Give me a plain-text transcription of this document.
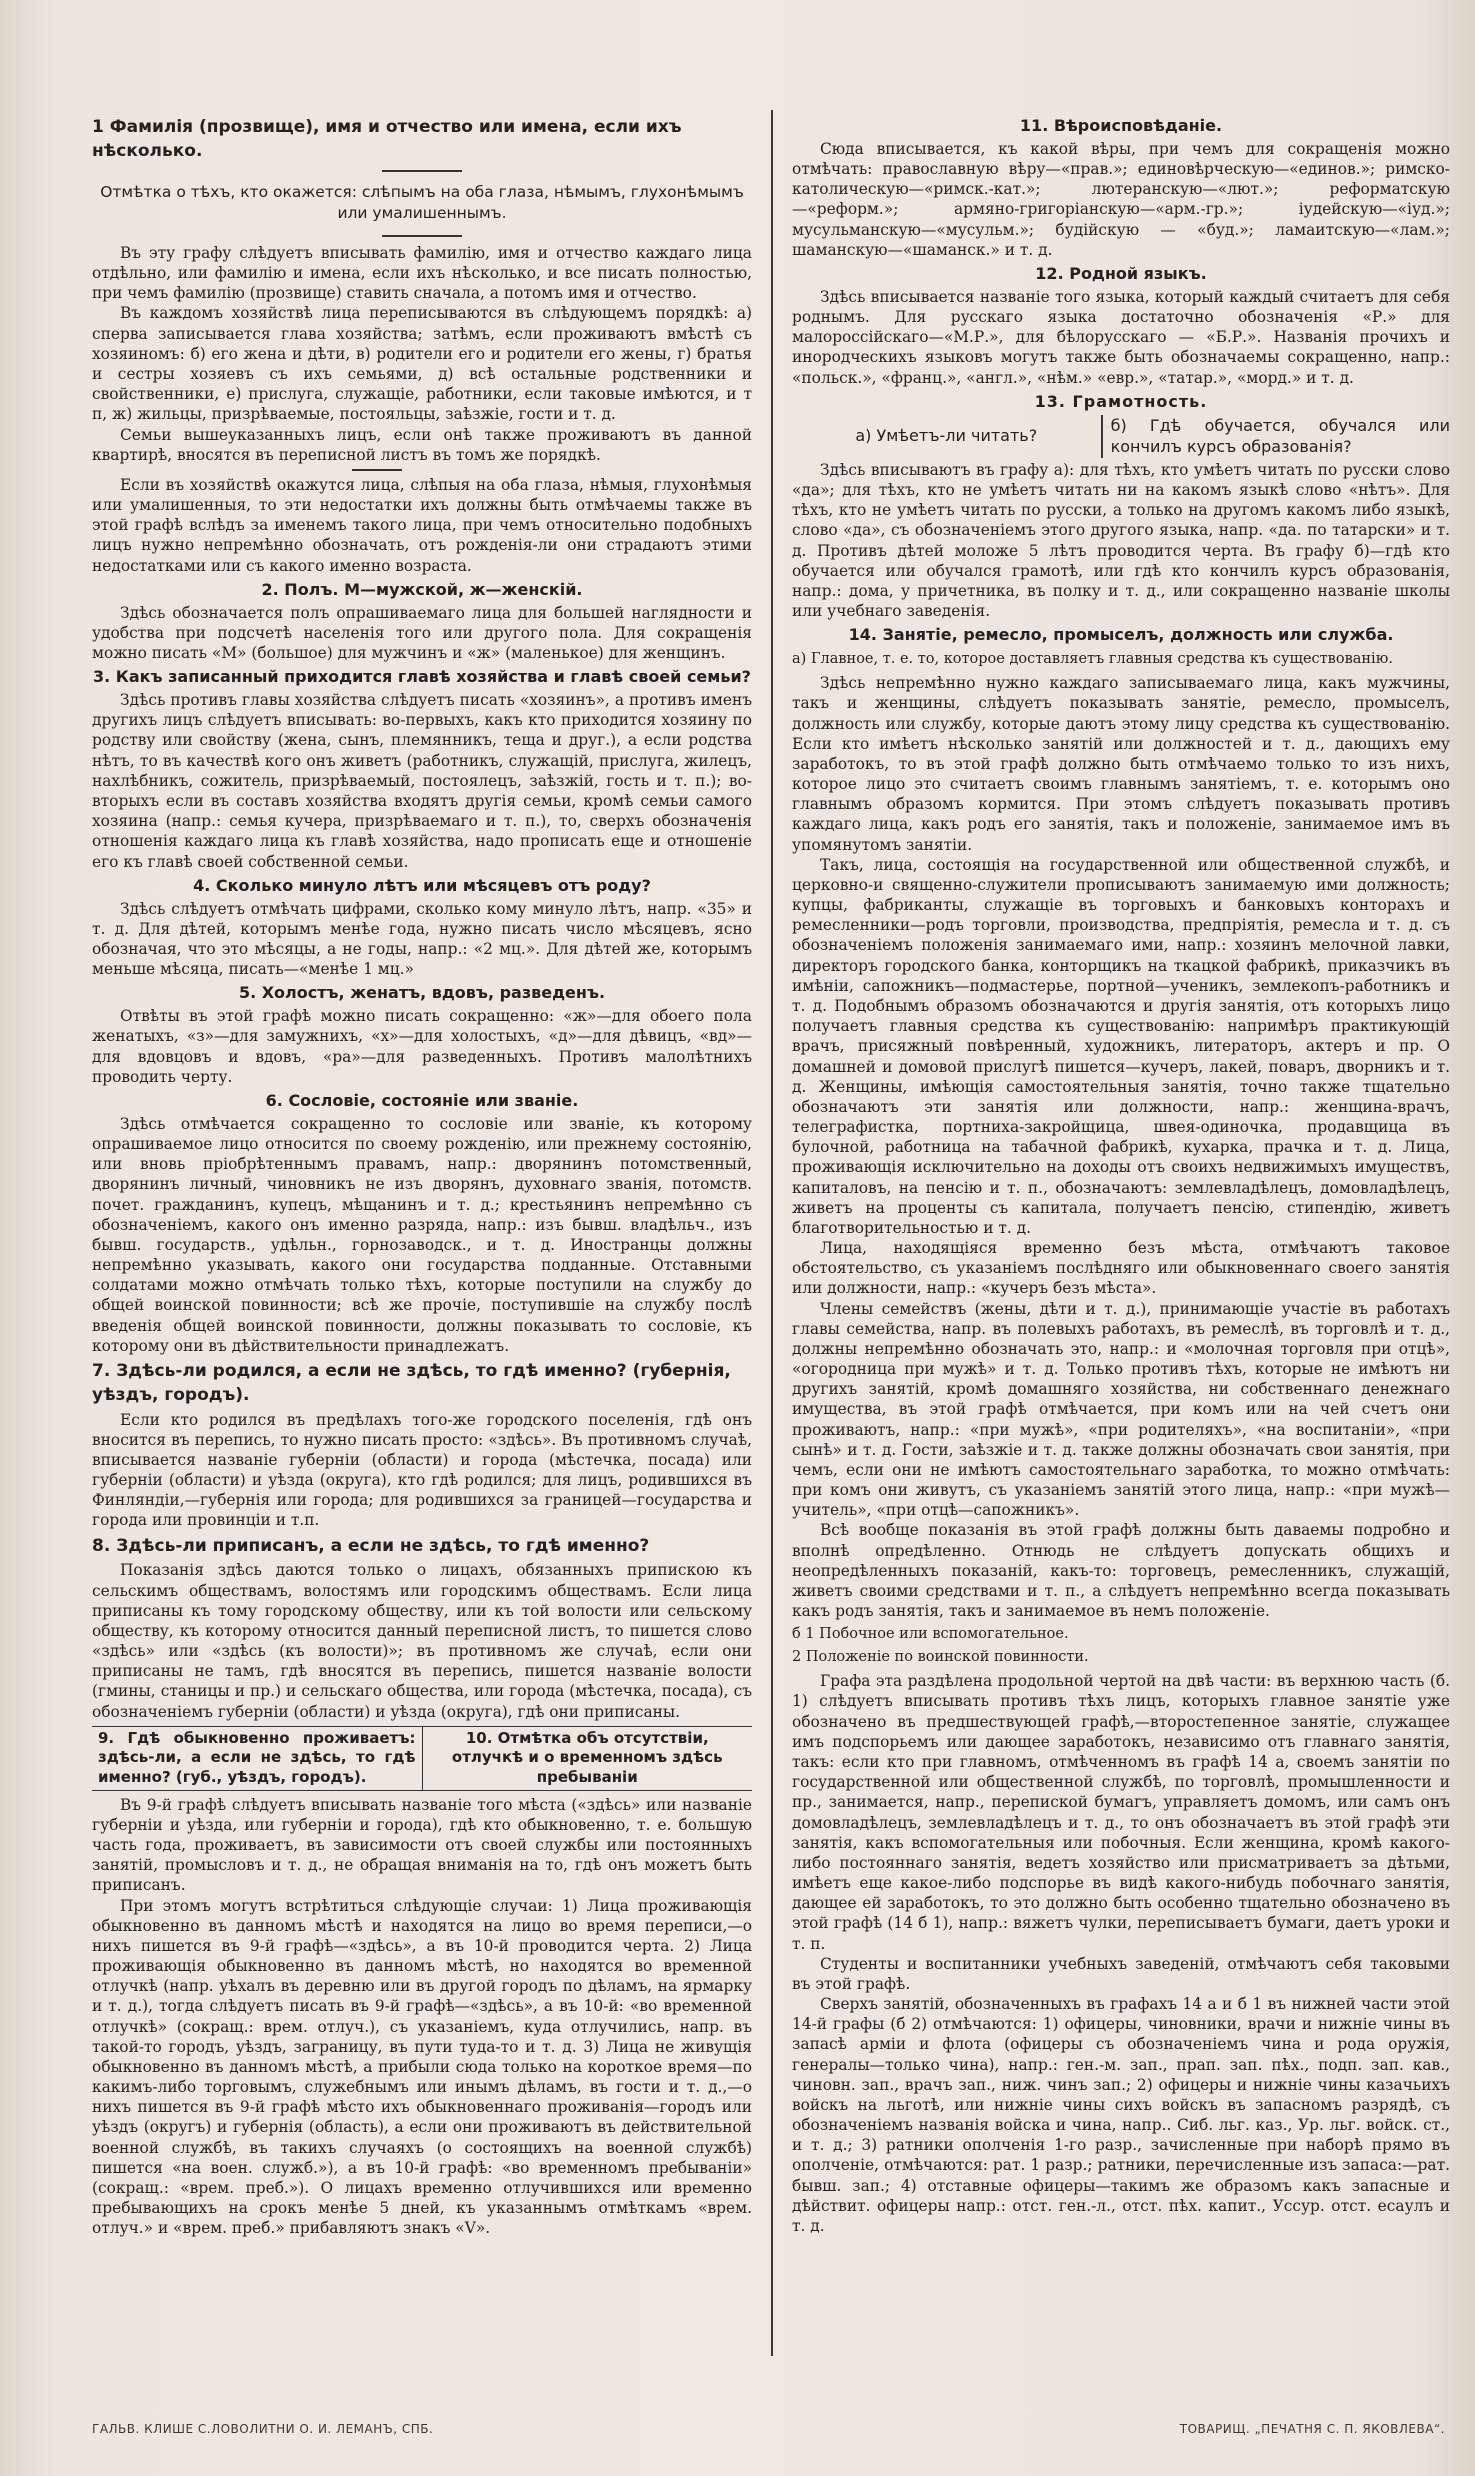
1 Фамилія (прозвище), имя и отчество или имена, если ихъ нѣсколько.
Отмѣтка о тѣхъ, кто окажется: слѣпымъ на оба глаза, нѣмымъ, глухонѣмымъ или умалишеннымъ.

Въ эту графу слѣдуетъ вписывать фамилію, имя и отчество каждаго лица отдѣльно, или фамилію и имена, если ихъ нѣсколько, и все писать полностью, при чемъ фамилію (прозвище) ставить сначала, а потомъ имя и отчество.

Въ каждомъ хозяйствѣ лица переписываются въ слѣдующемъ порядкѣ: а) сперва записывается глава хозяйства; затѣмъ, если проживаютъ вмѣстѣ съ хозяиномъ: б) его жена и дѣти, в) родители его и родители его жены, г) братья и сестры хозяевъ съ ихъ семьями, д) всѣ остальные родственники и свойственники, е) прислуга, служащіе, работники, если таковые имѣются, и т п, ж) жильцы, призрѣваемые, постояльцы, заѣзжіе, гости и т. д.

Семьи вышеуказанныхъ лицъ, если онѣ также проживаютъ въ данной квартирѣ, вносятся въ переписной листъ въ томъ же порядкѣ.

Если въ хозяйствѣ окажутся лица, слѣпыя на оба глаза, нѣмыя, глухонѣмыя или умалишенныя, то эти недостатки ихъ должны быть отмѣчаемы также въ этой графѣ вслѣдъ за именемъ такого лица, при чемъ относительно подобныхъ лицъ нужно непремѣнно обозначать, отъ рожденія-ли они страдаютъ этими недостатками или съ какого именно возраста.

2. Полъ. М—мужской, ж—женскій.

Здѣсь обозначается полъ опрашиваемаго лица для большей наглядности и удобства при подсчетѣ населенія того или другого пола. Для сокращенія можно писать «М» (большое) для мужчинъ и «ж» (маленькое) для женщинъ.

3. Какъ записанный приходится главѣ хозяйства и главѣ своей семьи?

Здѣсь противъ главы хозяйства слѣдуетъ писать «хозяинъ», а противъ именъ другихъ лицъ слѣдуетъ вписывать: во-первыхъ, какъ кто приходится хозяину по родству или свойству (жена, сынъ, племянникъ, теща и друг.), а если родства нѣтъ, то въ качествѣ кого онъ живетъ (работникъ, служащій, прислуга, жилецъ, нахлѣбникъ, сожитель, призрѣваемый, постоялецъ, заѣзжій, гость и т. п.); во-вторыхъ если въ составъ хозяйства входятъ другія семьи, кромѣ семьи самого хозяина (напр.: семья кучера, призрѣваемаго и т. п.), то, сверхъ обозначенія отношенія каждаго лица къ главѣ хозяйства, надо прописать еще и отношеніе его къ главѣ своей собственной семьи.

4. Сколько минуло лѣтъ или мѣсяцевъ отъ роду?

Здѣсь слѣдуетъ отмѣчать цифрами, сколько кому минуло лѣтъ, напр. «35» и т. д. Для дѣтей, которымъ менѣе года, нужно писать число мѣсяцевъ, ясно обозначая, что это мѣсяцы, а не годы, напр.: «2 мц.». Для дѣтей же, которымъ меньше мѣсяца, писать—«менѣе 1 мц.»

5. Холостъ, женатъ, вдовъ, разведенъ.

Отвѣты въ этой графѣ можно писать сокращенно: «ж»—для обоего пола женатыхъ, «з»—для замужнихъ, «х»—для холостыхъ, «д»—для дѣвицъ, «вд»—для вдовцовъ и вдовъ, «ра»—для разведенныхъ. Противъ малолѣтнихъ проводить черту.

6. Сословіе, состояніе или званіе.

Здѣсь отмѣчается сокращенно то сословіе или званіе, къ которому опрашиваемое лицо относится по своему рожденію, или прежнему состоянію, или вновь пріобрѣтеннымъ правамъ, напр.: дворянинъ потомственный, дворянинъ личный, чиновникъ не изъ дворянъ, духовнаго званія, потомств. почет. гражданинъ, купецъ, мѣщанинъ и т. д.; крестьянинъ непремѣнно съ обозначеніемъ, какого онъ именно разряда, напр.: изъ бывш. владѣльч., изъ бывш. государств., удѣльн., горнозаводск., и т. д. Иностранцы должны непремѣнно указывать, какого они государства подданные. Отставными солдатами можно отмѣчать только тѣхъ, которые поступили на службу до общей воинской повинности; всѣ же прочіе, поступившіе на службу послѣ введенія общей воинской повинности, должны показывать то сословіе, къ которому они въ дѣйствительности принадлежатъ.

7. Здѣсь-ли родился, а если не здѣсь, то гдѣ именно? (губернія, уѣздъ, городъ).

Если кто родился въ предѣлахъ того-же городского поселенія, гдѣ онъ вносится въ перепись, то нужно писать просто: «здѣсь». Въ противномъ случаѣ, вписывается названіе губерніи (области) и города (мѣстечка, посада) или губерніи (области) и уѣзда (округа), кто гдѣ родился; для лицъ, родившихся въ Финляндіи,—губернія или города; для родившихся за границей—государства и города или провинціи и т.п.

8. Здѣсь-ли приписанъ, а если не здѣсь, то гдѣ именно?

Показанія здѣсь даются только о лицахъ, обязанныхъ припискою къ сельскимъ обществамъ, волостямъ или городскимъ обществамъ. Если лица приписаны къ тому городскому обществу, или къ той волости или сельскому обществу, къ которому относится данный переписной листъ, то пишется слово «здѣсь» или «здѣсь (къ волости)»; въ противномъ же случаѣ, если они приписаны не тамъ, гдѣ вносятся въ перепись, пишется названіе волости (гмины, станицы и пр.) и сельскаго общества, или города (мѣстечка, посада), съ обозначеніемъ губерніи (области) и уѣзда (округа), гдѣ они приписаны.

9. Гдѣ обыкновенно проживаетъ: здѣсь-ли, а если не здѣсь, то гдѣ именно? (губ., уѣздъ, городъ).
10. Отмѣтка объ отсутствіи, отлучкѣ и о временномъ здѣсь пребываніи

Въ 9-й графѣ слѣдуетъ вписывать названіе того мѣста («здѣсь» или названіе губерніи и уѣзда, или губерніи и города), гдѣ кто обыкновенно, т. е. большую часть года, проживаетъ, въ зависимости отъ своей службы или постоянныхъ занятій, промысловъ и т. д., не обращая вниманія на то, гдѣ онъ можетъ быть приписанъ.

При этомъ могутъ встрѣтиться слѣдующіе случаи: 1) Лица проживающія обыкновенно въ данномъ мѣстѣ и находятся на лицо во время переписи,—о нихъ пишется въ 9-й графѣ—«здѣсь», а въ 10-й проводится черта. 2) Лица проживающія обыкновенно въ данномъ мѣстѣ, но находятся во временной отлучкѣ (напр. уѣхалъ въ деревню или въ другой городъ по дѣламъ, на ярмарку и т. д.), тогда слѣдуетъ писать въ 9-й графѣ—«здѣсь», а въ 10-й: «во временной отлучкѣ» (сокращ.: врем. отлуч.), съ указаніемъ, куда отлучились, напр. въ такой-то городъ, уѣздъ, заграницу, въ пути туда-то и т. д. 3) Лица не живущія обыкновенно въ данномъ мѣстѣ, а прибыли сюда только на короткое время—по какимъ-либо торговымъ, служебнымъ или инымъ дѣламъ, въ гости и т. д.,—о нихъ пишется въ 9-й графѣ мѣсто ихъ обыкновеннаго проживанія—городъ или уѣздъ (округъ) и губернія (область), а если они проживаютъ въ действительной военной службѣ, въ такихъ случаяхъ (о состоящихъ на военной службѣ) пишется «на воен. служб.»), а въ 10-й графѣ: «во временномъ пребываніи» (сокращ.: «врем. преб.»). О лицахъ временно отлучившихся или временно пребывающихъ на срокъ менѣе 5 дней, къ указаннымъ отмѣткамъ «врем. отлуч.» и «врем. преб.» прибавляютъ знакъ «V».

11. Вѣроисповѣданіе.

Сюда вписывается, къ какой вѣры, при чемъ для сокращенія можно отмѣчать: православную вѣру—«прав.»; единовѣрческую—«единов.»; римско-католическую—«римск.-кат.»; лютеранскую—«лют.»; реформатскую—«реформ.»; армяно-григоріанскую—«арм.-гр.»; іудейскую—«іуд.»; мусульманскую—«мусульм.»; будійскую — «буд.»; ламаитскую—«лам.»; шаманскую—«шаманск.» и т. д.

12. Родной языкъ.

Здѣсь вписывается названіе того языка, который каждый считаетъ для себя роднымъ. Для русскаго языка достаточно обозначенія «Р.» для малороссійскаго—«М.Р.», для бѣлорусскаго — «Б.Р.». Названія прочихъ и инородческихъ языковъ могутъ также быть обозначаемы сокращенно, напр.: «польск.», «франц.», «англ.», «нѣм.» «евр.», «татар.», «морд.» и т. д.

13. Грамотность.
а) Умѣетъ-ли читать?
б) Гдѣ обучается, обучался или кончилъ курсъ образованія?

Здѣсь вписываютъ въ графу а): для тѣхъ, кто умѣетъ читать по русски слово «да»; для тѣхъ, кто не умѣетъ читать ни на какомъ языкѣ слово «нѣтъ». Для тѣхъ, кто не умѣетъ читать по русски, а только на другомъ какомъ либо языкѣ, слово «да», съ обозначеніемъ этого другого языка, напр. «да. по татарски» и т. д. Противъ дѣтей моложе 5 лѣтъ проводится черта. Въ графу б)—гдѣ кто обучается или обучался грамотѣ, или гдѣ кто кончилъ курсъ образованія, напр.: дома, у причетника, въ полку и т. д., или сокращенно названіе школы или учебнаго заведенія.

14. Занятіе, ремесло, промыселъ, должность или служба.

а) Главное, т. е. то, которое доставляетъ главныя средства къ существованію.

Здѣсь непремѣнно нужно каждаго записываемаго лица, какъ мужчины, такъ и женщины, слѣдуетъ показывать занятіе, ремесло, промыселъ, должность или службу, которые даютъ этому лицу средства къ существованію. Если кто имѣетъ нѣсколько занятій или должностей и т. д., дающихъ ему заработокъ, то въ этой графѣ должно быть отмѣчаемо только то изъ нихъ, которое лицо это считаетъ своимъ главнымъ занятіемъ, т. е. которымъ оно главнымъ образомъ кормится. При этомъ слѣдуетъ показывать противъ каждаго лица, какъ родъ его занятія, такъ и положеніе, занимаемое имъ въ упомянутомъ занятіи.

Такъ, лица, состоящія на государственной или общественной службѣ, и церковно-и священно-служители прописываютъ занимаемую ими должность; купцы, фабриканты, служащіе въ торговыхъ и банковыхъ конторахъ и ремесленники—родъ торговли, производства, предпріятія, ремесла и т. д. съ обозначеніемъ положенія занимаемаго ими, напр.: хозяинъ мелочной лавки, директоръ городского банка, конторщикъ на ткацкой фабрикѣ, приказчикъ въ имѣніи, сапожникъ—подмастерье, портной—ученикъ, землекопъ-работникъ и т. д. Подобнымъ образомъ обозначаются и другія занятія, отъ которыхъ лицо получаетъ главныя средства къ существованію: напримѣръ практикующій врачъ, присяжный повѣренный, художникъ, литераторъ, актеръ и пр. О домашней и домовой прислугѣ пишется—кучеръ, лакей, поваръ, дворникъ и т. д. Женщины, имѣющія самостоятельныя занятія, точно также тщательно обозначаютъ эти занятія или должности, напр.: женщина-врачъ, телеграфистка, портниха-закройщица, швея-одиночка, продавщица въ булочной, работница на табачной фабрикѣ, кухарка, прачка и т. д. Лица, проживающія исключительно на доходы отъ своихъ недвижимыхъ имуществъ, капиталовъ, на пенсію и т. п., обозначаютъ: землевладѣлецъ, домовладѣлецъ, живетъ на проценты съ капитала, получаетъ пенсію, стипендію, живетъ благотворительностью и т. д.

Лица, находящіяся временно безъ мѣста, отмѣчаютъ таковое обстоятельство, съ указаніемъ послѣдняго или обыкновеннаго своего занятія или должности, напр.: «кучеръ безъ мѣста».

Члены семействъ (жены, дѣти и т. д.), принимающіе участіе въ работахъ главы семейства, напр. въ полевыхъ работахъ, въ ремеслѣ, въ торговлѣ и т. д., должны непремѣнно обозначать это, напр.: и «молочная торговля при отцѣ», «огородница при мужѣ» и т. д. Только противъ тѣхъ, которые не имѣютъ ни другихъ занятій, кромѣ домашняго хозяйства, ни собственнаго денежнаго имущества, въ этой графѣ отмѣчается, при комъ или на чей счетъ они проживаютъ, напр.: «при мужѣ», «при родителяхъ», «на воспитаніи», «при сынѣ» и т. д. Гости, заѣзжіе и т. д. также должны обозначать свои занятія, при чемъ, если они не имѣютъ самостоятельнаго заработка, то можно отмѣчать: при комъ они живутъ, съ указаніемъ занятій этого лица, напр.: «при мужѣ—учитель», «при отцѣ—сапожникъ».

Всѣ вообще показанія въ этой графѣ должны быть даваемы подробно и вполнѣ опредѣленно. Отнюдь не слѣдуетъ допускать общихъ и неопредѣленныхъ показаній, какъ-то: торговецъ, ремесленникъ, служащій, живетъ своими средствами и т. п., а слѣдуетъ непремѣнно всегда показывать какъ родъ занятія, такъ и занимаемое въ немъ положеніе.

б 1 Побочное или вспомогательное.

2 Положеніе по воинской повинности.

Графа эта раздѣлена продольной чертой на двѣ части: въ верхнюю часть (б. 1) слѣдуетъ вписывать противъ тѣхъ лицъ, которыхъ главное занятіе уже обозначено въ предшествующей графѣ,—второстепенное занятіе, служащее имъ подспорьемъ или дающее заработокъ, независимо отъ главнаго занятія, такъ: если кто при главномъ, отмѣченномъ въ графѣ 14 а, своемъ занятіи по государственной или общественной службѣ, по торговлѣ, промышленности и пр., занимается, напр., перепиской бумагъ, управляетъ домомъ, или самъ онъ домовладѣлецъ, землевладѣлецъ и т. д., то онъ обозначаетъ въ этой графѣ эти занятія, какъ вспомогательныя или побочныя. Если женщина, кромѣ какого-либо постояннаго занятія, ведетъ хозяйство или присматриваетъ за дѣтьми, имѣетъ еще какое-либо подспорье въ видѣ какого-нибудь побочнаго занятія, дающее ей заработокъ, то это должно быть особенно тщательно обозначено въ этой графѣ (14 б 1), напр.: вяжетъ чулки, переписываетъ бумаги, даетъ уроки и т. п.

Студенты и воспитанники учебныхъ заведеній, отмѣчаютъ себя таковыми въ этой графѣ.

Сверхъ занятій, обозначенныхъ въ графахъ 14 а и б 1 въ нижней части этой 14-й графы (б 2) отмѣчаются: 1) офицеры, чиновники, врачи и нижніе чины въ запасѣ арміи и флота (офицеры съ обозначеніемъ чина и рода оружія, генералы—только чина), напр.: ген.-м. зап., прап. зап. пѣх., подп. зап. кав., чиновн. зап., врачъ зап., ниж. чинъ зап.; 2) офицеры и нижніе чины казачьихъ войскъ на льготѣ, или нижніе чины сихъ войскъ въ запасномъ разрядѣ, съ обозначеніемъ названія войска и чина, напр.. Сиб. льг. каз., Ур. льг. войск. ст., и т. д.; 3) ратники ополченія 1-го разр., зачисленные при наборѣ прямо въ ополченіе, отмѣчаются: рат. 1 разр.; ратники, перечисленные изъ запаса:—рат. бывш. зап.; 4) отставные офицеры—такимъ же образомъ какъ запасные и дѣйствит. офицеры напр.: отст. ген.-л., отст. пѣх. капит., Уссур. отст. есаулъ и т. д.

ГАЛЬВ. КЛИШЕ С.ЛОВОЛИТНИ О. И. ЛЕМАНЪ, СПБ.	ТОВАРИЩ. „ПЕЧАТНЯ С. П. ЯКОВЛЕВА“.
